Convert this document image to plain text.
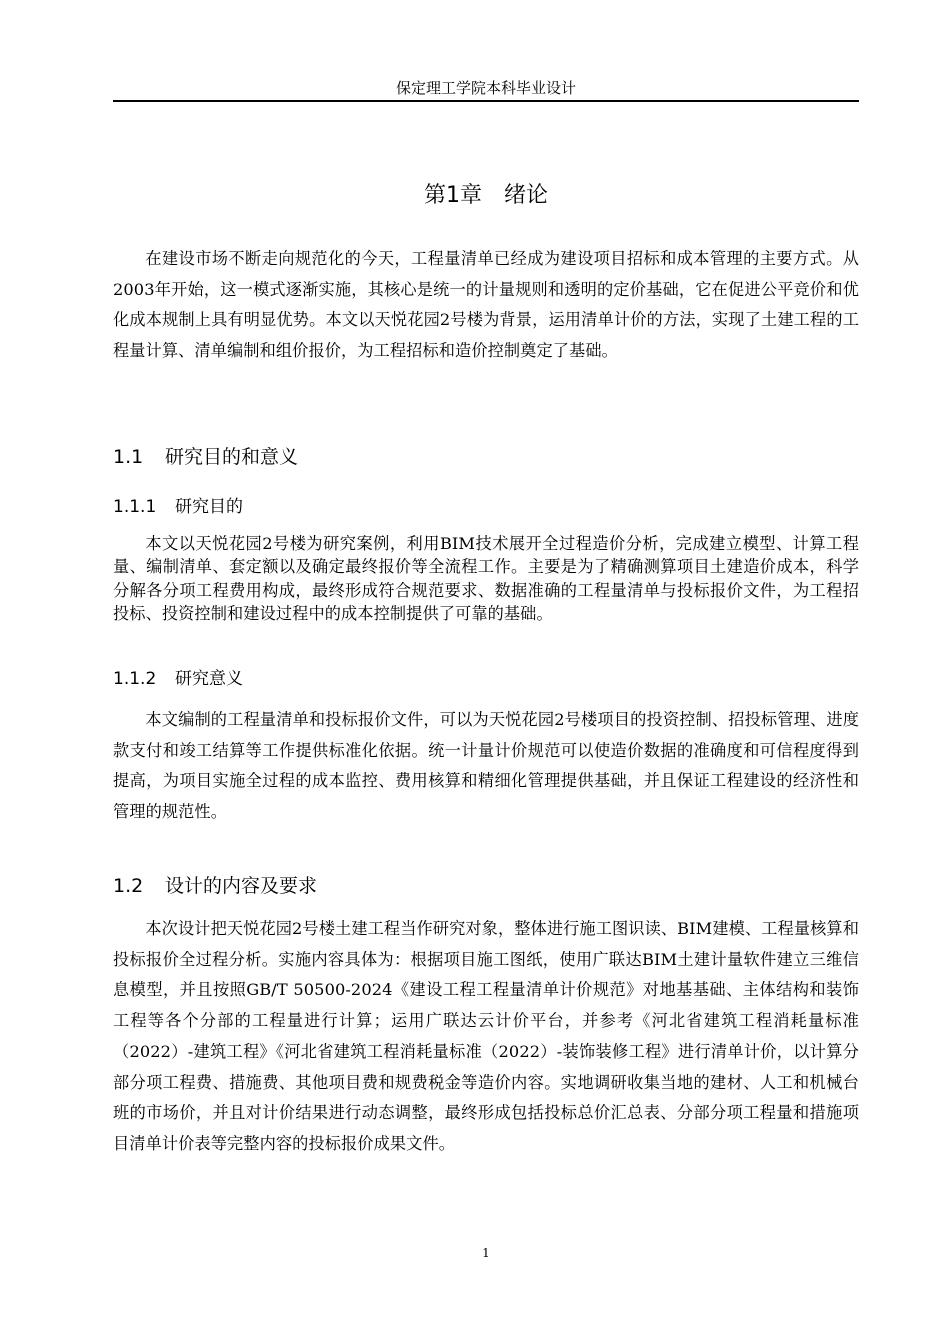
保定理工学院本科毕业设计
第1章 绪论

在建设市场不断走向规范化的今天，工程量清单已经成为建设项目招标和成本管理的主要方式。从2003年开始，这一模式逐渐实施，其核心是统一的计量规则和透明的定价基础，它在促进公平竞价和优化成本规制上具有明显优势。本文以天悦花园2号楼为背景，运用清单计价的方法，实现了土建工程的工程量计算、清单编制和组价报价，为工程招标和造价控制奠定了基础。

1.1 研究目的和意义
1.1.1 研究目的

本文以天悦花园2号楼为研究案例，利用BIM技术展开全过程造价分析，完成建立模型、计算工程量、编制清单、套定额以及确定最终报价等全流程工作。主要是为了精确测算项目土建造价成本，科学分解各分项工程费用构成，最终形成符合规范要求、数据准确的工程量清单与投标报价文件，为工程招投标、投资控制和建设过程中的成本控制提供了可靠的基础。

1.1.2 研究意义

本文编制的工程量清单和投标报价文件，可以为天悦花园2号楼项目的投资控制、招投标管理、进度款支付和竣工结算等工作提供标准化依据。统一计量计价规范可以使造价数据的准确度和可信程度得到提高，为项目实施全过程的成本监控、费用核算和精细化管理提供基础，并且保证工程建设的经济性和管理的规范性。

1.2 设计的内容及要求

本次设计把天悦花园2号楼土建工程当作研究对象，整体进行施工图识读、BIM建模、工程量核算和投标报价全过程分析。实施内容具体为：根据项目施工图纸，使用广联达BIM土建计量软件建立三维信息模型，并且按照GB/T 50500-2024《建设工程工程量清单计价规范》对地基基础、主体结构和装饰工程等各个分部的工程量进行计算；运用广联达云计价平台，并参考《河北省建筑工程消耗量标准（2022）-建筑工程》《河北省建筑工程消耗量标准（2022）-装饰装修工程》进行清单计价，以计算分部分项工程费、措施费、其他项目费和规费税金等造价内容。实地调研收集当地的建材、人工和机械台班的市场价，并且对计价结果进行动态调整，最终形成包括投标总价汇总表、分部分项工程量和措施项目清单计价表等完整内容的投标报价成果文件。

1
